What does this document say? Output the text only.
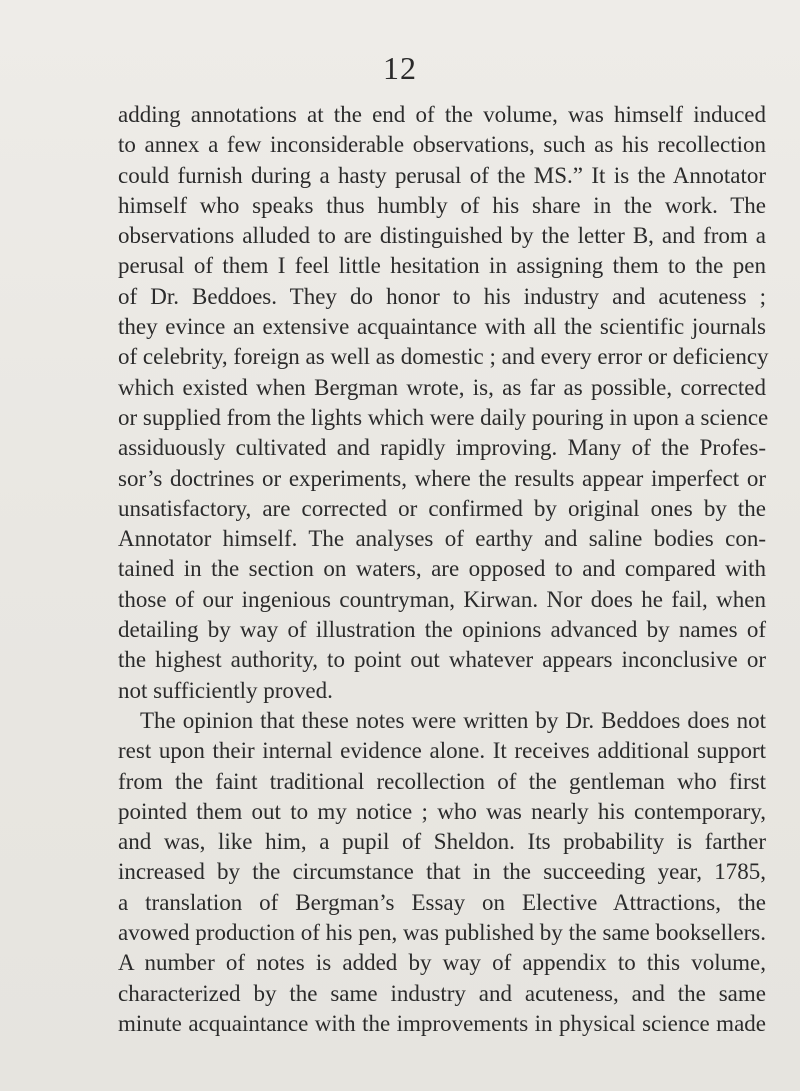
12
adding annotations at the end of the volume, was himself induced
to annex a few inconsiderable observations, such as his recollection
could furnish during a hasty perusal of the MS.” It is the Annotator
himself who speaks thus humbly of his share in the work. The
observations alluded to are distinguished by the letter B, and from a
perusal of them I feel little hesitation in assigning them to the pen
of Dr. Beddoes. They do honor to his industry and acuteness ;
they evince an extensive acquaintance with all the scientific journals
of celebrity, foreign as well as domestic ; and every error or deficiency
which existed when Bergman wrote, is, as far as possible, corrected
or supplied from the lights which were daily pouring in upon a science
assiduously cultivated and rapidly improving. Many of the Profes-
sor’s doctrines or experiments, where the results appear imperfect or
unsatisfactory, are corrected or confirmed by original ones by the
Annotator himself. The analyses of earthy and saline bodies con-
tained in the section on waters, are opposed to and compared with
those of our ingenious countryman, Kirwan. Nor does he fail, when
detailing by way of illustration the opinions advanced by names of
the highest authority, to point out whatever appears inconclusive or
not sufficiently proved.
The opinion that these notes were written by Dr. Beddoes does not
rest upon their internal evidence alone. It receives additional support
from the faint traditional recollection of the gentleman who first
pointed them out to my notice ; who was nearly his contemporary,
and was, like him, a pupil of Sheldon. Its probability is farther
increased by the circumstance that in the succeeding year, 1785,
a translation of Bergman’s Essay on Elective Attractions, the
avowed production of his pen, was published by the same booksellers.
A number of notes is added by way of appendix to this volume,
characterized by the same industry and acuteness, and the same
minute acquaintance with the improvements in physical science made
